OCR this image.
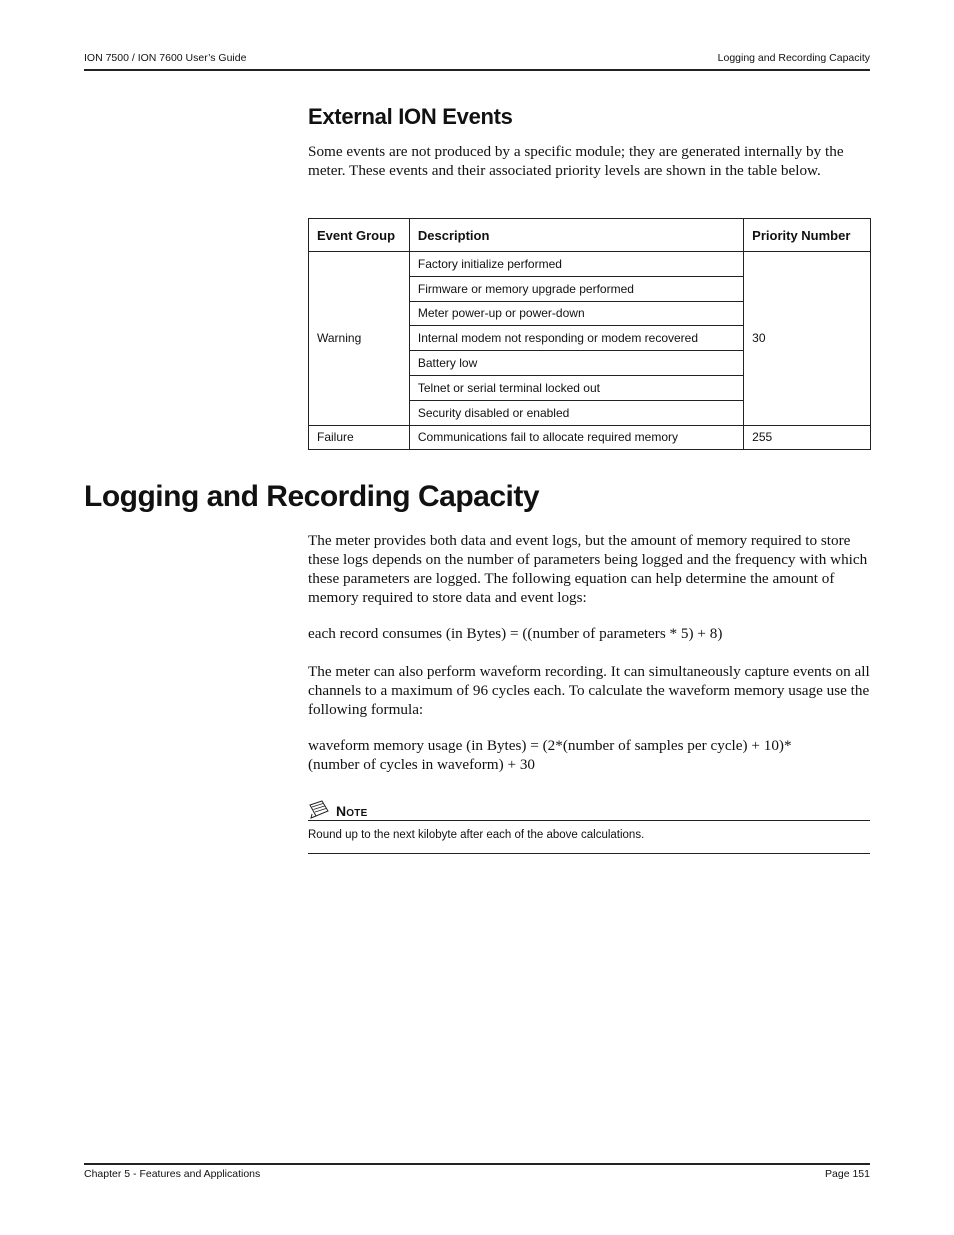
ION 7500 / ION 7600 User’s Guide	Logging and Recording Capacity
External ION Events

Some events are not produced by a specific module; they are generated internally by the meter. These events and their associated priority levels are shown in the table below.

Event Group	Description	Priority Number
Warning	Factory initialize performed	30
	Firmware or memory upgrade performed	
	Meter power-up or power-down	
	Internal modem not responding or modem recovered	
	Battery low	
	Telnet or serial terminal locked out	
	Security disabled or enabled	
Failure	Communications fail to allocate required memory	255
Logging and Recording Capacity

The meter provides both data and event logs, but the amount of memory required to store these logs depends on the number of parameters being logged and the frequency with which these parameters are logged. The following equation can help determine the amount of memory required to store data and event logs:

each record consumes (in Bytes) = ((number of parameters * 5) + 8)

The meter can also perform waveform recording. It can simultaneously capture events on all channels to a maximum of 96 cycles each. To calculate the waveform memory usage use the following formula:

waveform memory usage (in Bytes) = (2*(number of samples per cycle) + 10)*(number of cycles in waveform) + 30

Note
Round up to the next kilobyte after each of the above calculations.
Chapter 5 - Features and Applications	Page 151
